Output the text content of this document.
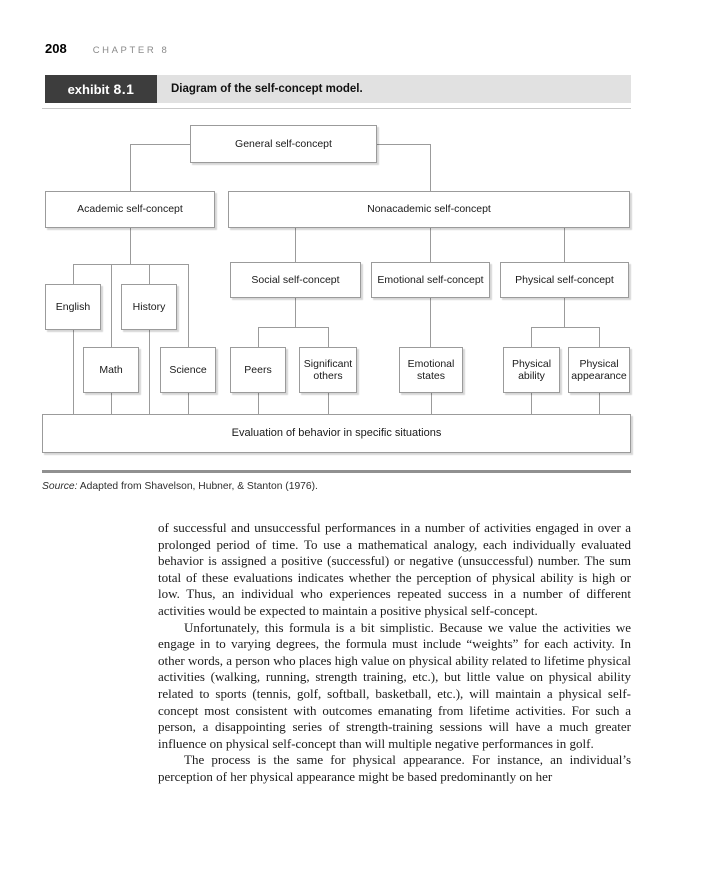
208	CHAPTER 8
exhibit 8.1	Diagram of the self-concept model.
General self-concept
Academic self-concept	Nonacademic self-concept
Social self-concept	Emotional self-concept	Physical self-concept
English	History
Math	Science	Peers
Significant others
Emotional states
Physical ability
Physical appearance
Evaluation of behavior in specific situations
Source: Adapted from Shavelson, Hubner, & Stanton (1976).

of successful and unsuccessful performances in a number of activities engaged in over a prolonged period of time. To use a mathematical analogy, each individually evaluated behavior is assigned a positive (successful) or negative (unsuccessful) number. The sum total of these evaluations indicates whether the perception of physical ability is high or low. Thus, an individual who experiences repeated success in a number of different activities would be expected to maintain a positive physical self-concept.

Unfortunately, this formula is a bit simplistic. Because we value the activities we engage in to varying degrees, the formula must include “weights” for each activity. In other words, a person who places high value on physical ability related to lifetime physical activities (walking, running, strength training, etc.), but little value on physical ability related to sports (tennis, golf, softball, basketball, etc.), will maintain a physical self-concept most consistent with outcomes emanating from lifetime activities. For such a person, a disappointing series of strength-training sessions will have a much greater influence on physical self-concept than will multiple negative performances in golf.

The process is the same for physical appearance. For instance, an individual’s perception of her physical appearance might be based predominantly on her
